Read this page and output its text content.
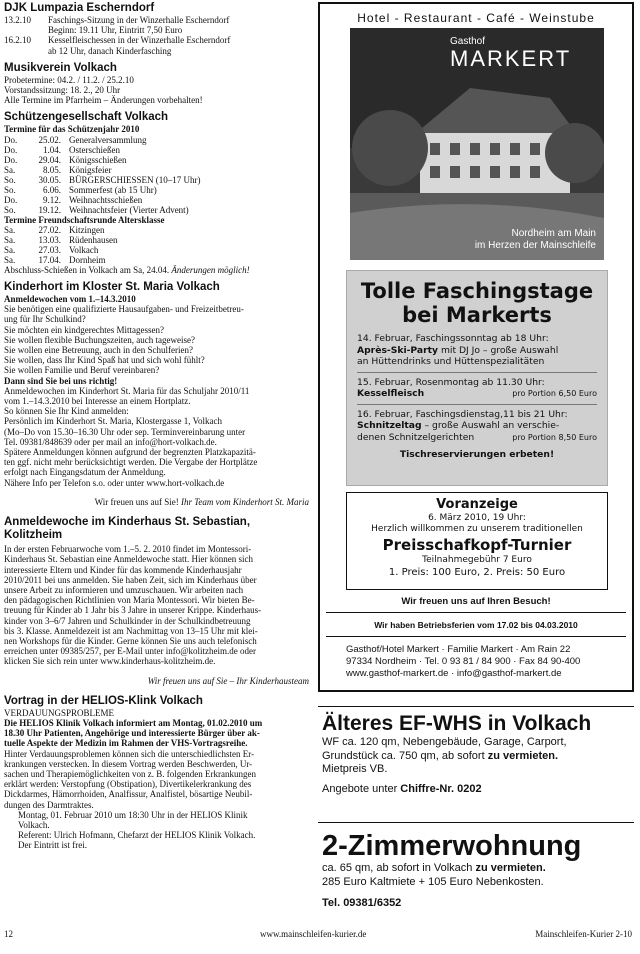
DJK Lumpazia Escherndorf

13.2.10	Faschings-Sitzung in der Winzerhalle Escherndorf
Beginn: 19.11 Uhr, Eintritt 7,50 Euro
16.2.10	Kesselfleischessen in der Winzerhalle Escherndorf
ab 12 Uhr, danach Kinderfasching

Musikverein Volkach

Probetermine: 04.2. / 11.2. / 25.2.10

Vorstandssitzung: 18. 2., 20 Uhr

Alle Termine im Pfarrheim – Änderungen vorbehalten!

Schützengesellschaft Volkach

Termine für das Schützenjahr 2010

Do.	25.02. Generalversammlung
Do.	1.04. Osterschießen
Do.	29.04. Königsschießen
Sa.	8.05. Königsfeier
So.	30.05. BÜRGERSCHIESSEN (10–17 Uhr)
So.	6.06. Sommerfest (ab 15 Uhr)
Do.	9.12. Weihnachtsschießen
So.	19.12. Weihnachtsfeier (Vierter Advent)

Termine Freundschaftsrunde Altersklasse

Sa.	27.02. Kitzingen
Sa.	13.03. Rüdenhausen
Sa.	27.03. Volkach
Sa.	17.04. Dornheim

Abschluss-Schießen in Volkach am Sa, 24.04. Änderungen möglich!

Kinderhort im Kloster St. Maria Volkach

Anmeldewochen vom 1.–14.3.2010

Sie benötigen eine qualifizierte Hausaufgaben- und Freizeitbetreu-

ung für Ihr Schulkind?

Sie möchten ein kindgerechtes Mittagessen?

Sie wollen flexible Buchungszeiten, auch tageweise?

Sie wollen eine Betreuung, auch in den Schulferien?

Sie wollen, dass Ihr Kind Spaß hat und sich wohl fühlt?

Sie wollen Familie und Beruf vereinbaren?

Dann sind Sie bei uns richtig!

Anmeldewochen im Kinderhort St. Maria für das Schuljahr 2010/11

vom 1.–14.3.2010 bei Interesse an einem Hortplatz.

So können Sie Ihr Kind anmelden:

Persönlich im Kinderhort St. Maria, Klostergasse 1, Volkach

(Mo–Do von 15.30–16.30 Uhr oder sep. Terminvereinbarung unter

Tel. 09381/848639 oder per mail an info@hort-volkach.de.

Spätere Anmeldungen können aufgrund der begrenzten Platzkapazitä-

ten ggf. nicht mehr berücksichtigt werden. Die Vergabe der Hortplätze

erfolgt nach Eingangsdatum der Anmeldung.

Nähere Info per Telefon s.o. oder unter www.hort-volkach.de

Wir freuen uns auf Sie! Ihr Team vom Kinderhort St. Maria

Anmeldewoche im Kinderhaus St. Sebastian, Kolitzheim

In der ersten Februarwoche vom 1.–5. 2. 2010 findet im Montessori-

Kinderhaus St. Sebastian eine Anmeldewoche statt. Hier können sich

interessierte Eltern und Kinder für das kommende Kinderhausjahr

2010/2011 bei uns anmelden. Sie haben Zeit, sich im Kinderhaus über

unsere Arbeit zu informieren und umzuschauen. Wir arbeiten nach

den pädagogischen Richtlinien von Maria Montessori. Wir bieten Be-

treuung für Kinder ab 1 Jahr bis 3 Jahre in unserer Krippe. Kinderhaus-

kinder von 3–6/7 Jahren und Schulkinder in der Schulkindbetreuung

bis 3. Klasse. Anmeldezeit ist am Nachmittag von 13–15 Uhr mit klei-

nen Workshops für die Kinder. Gerne können Sie uns auch telefonisch

erreichen unter 09385/257, per E-Mail unter info@kolitzheim.de oder

klicken Sie sich rein unter www.kinderhaus-kolitzheim.de.

Wir freuen uns auf Sie – Ihr Kinderhausteam

Vortrag in der HELIOS-Klink Volkach

VERDAUUNGSPROBLEME

Die HELIOS Klinik Volkach informiert am Montag, 01.02.2010 um

18.30 Uhr Patienten, Angehörige und interessierte Bürger über ak-

tuelle Aspekte der Medizin im Rahmen der VHS-Vortragsreihe.

Hinter Verdauungsproblemen können sich die unterschiedlichsten Er-

krankungen verstecken. In diesem Vortrag werden Beschwerden, Ur-

sachen und Therapiemöglichkeiten von z. B. folgenden Erkrankungen

erklärt werden: Verstopfung (Obstipation), Divertikelerkrankung des

Dickdarmes, Hämorrhoiden, Analfissur, Analfistel, bösartige Neubil-

dungen des Darmtraktes.

Montag, 01. Februar 2010 um 18:30 Uhr in der HELIOS Klinik

Volkach.

Referent: Ulrich Hofmann, Chefarzt der HELIOS Klinik Volkach.

Der Eintritt ist frei.

Hotel - Restaurant - Café - Weinstube
Gasthof
MARKERT
Nordheim am Main
im Herzen der Mainschleife
Tolle Faschingstage
bei Markerts
14. Februar, Faschingssonntag ab 18 Uhr:
Après-Ski-Party mit DJ Jo – große Auswahl
an Hüttendrinks und Hüttenspezialitäten
15. Februar, Rosenmontag ab 11.30 Uhr:
Kesselfleisch	pro Portion 6,50 Euro
16. Februar, Faschingsdienstag,11 bis 21 Uhr:
Schnitzeltag – große Auswahl an verschie-
denen Schnitzelgerichten	pro Portion 8,50 Euro
Tischreservierungen erbeten!
Voranzeige
6. März 2010, 19 Uhr:
Herzlich willkommen zu unserem traditionellen
Preisschafkopf-Turnier
Teilnahmegebühr 7 Euro
1. Preis: 100 Euro, 2. Preis: 50 Euro
Wir freuen uns auf Ihren Besuch!
Wir haben Betriebsferien vom 17.02 bis 04.03.2010
Gasthof/Hotel Markert · Familie Markert · Am Rain 22
97334 Nordheim · Tel. 0 93 81 / 84 900 · Fax 84 90-400
www.gasthof-markert.de · info@gasthof-markert.de
Älteres EF-WHS in Volkach
WF ca. 120 qm, Nebengebäude, Garage, Carport,
Grundstück ca. 750 qm, ab sofort zu vermieten.
Mietpreis VB.
Angebote unter Chiffre-Nr. 0202
2-Zimmerwohnung
ca. 65 qm, ab sofort in Volkach zu vermieten.
285 Euro Kaltmiete + 105 Euro Nebenkosten.
Tel. 09381/6352
12	www.mainschleifen-kurier.de	Mainschleifen-Kurier 2-10
